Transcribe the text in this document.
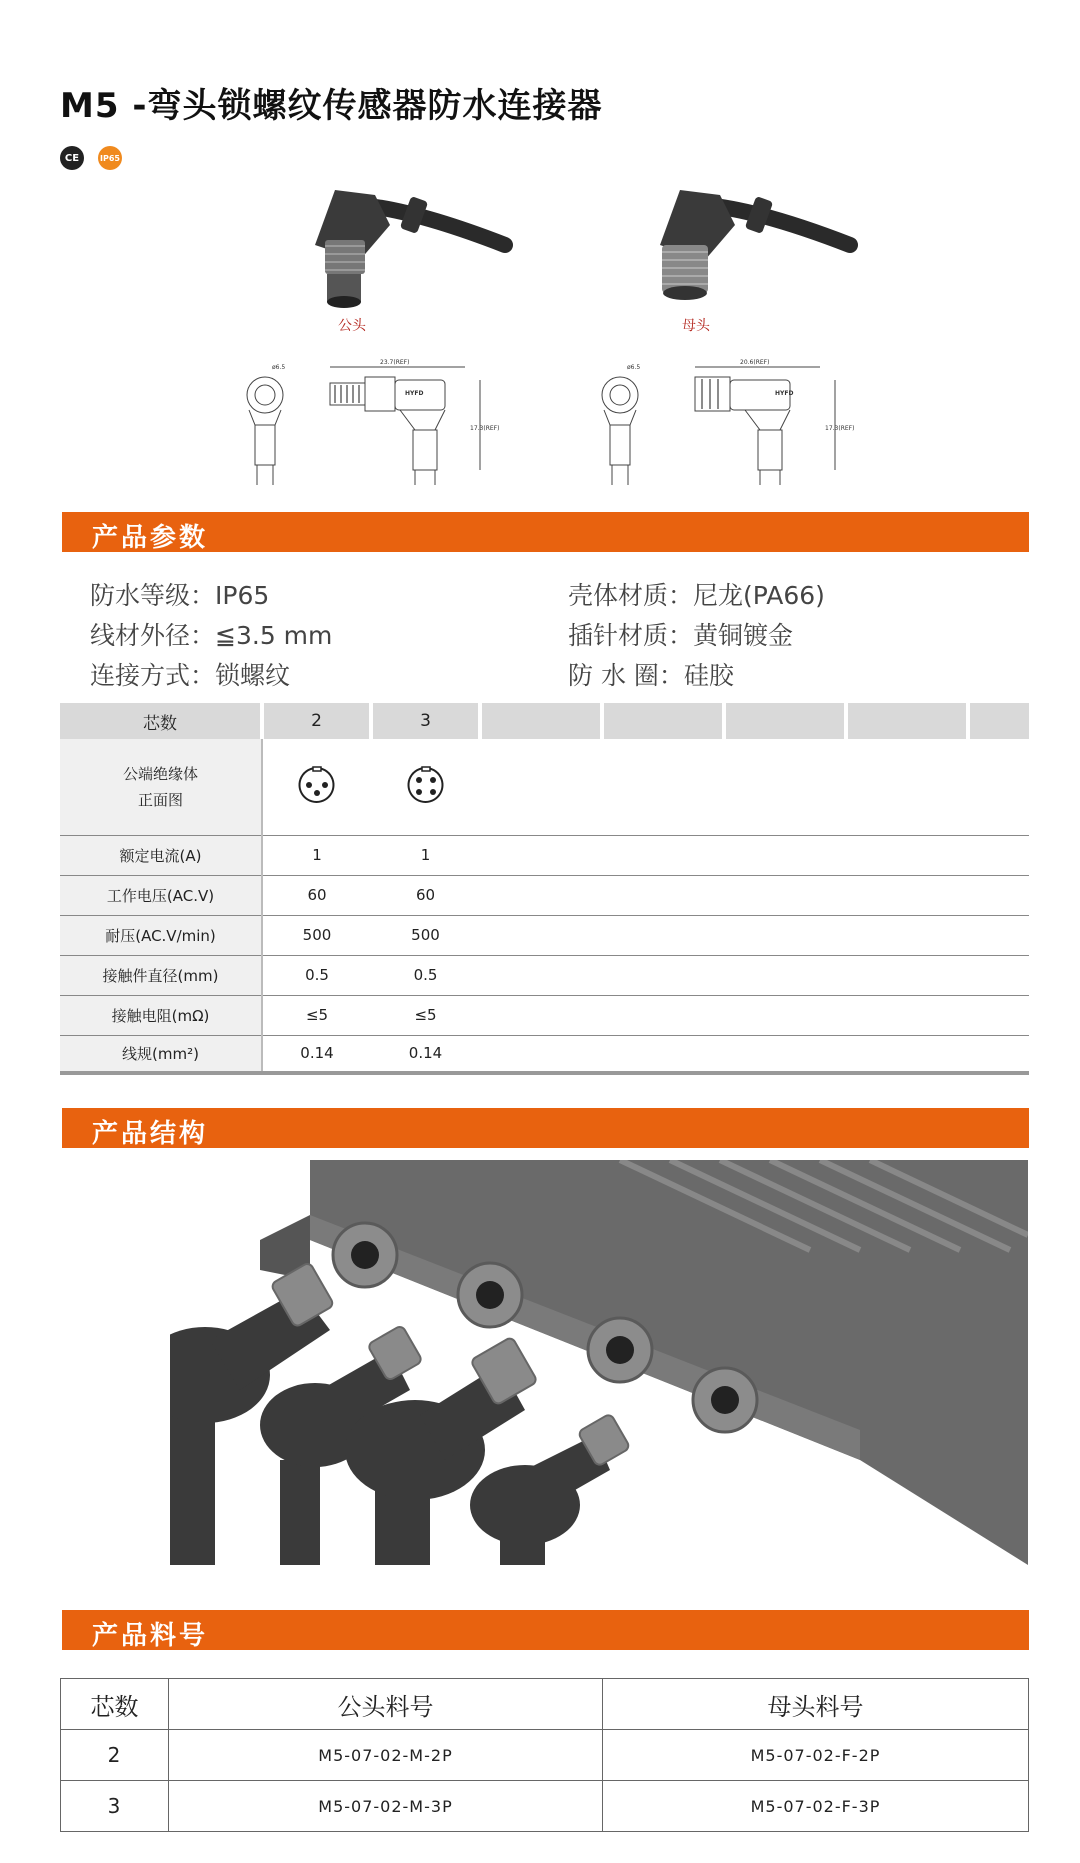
M5 -弯头锁螺纹传感器防水连接器
CE	IP65
公头	母头
ø6.5
23.7(REF)
17.3(REF)
HYFD
ø6.5
20.6(REF)
17.3(REF)
HYFD
产品参数
防水等级：IP65	壳体材质：尼龙(PA66)
线材外径：≦3.5 mm	插针材质：黄铜镀金
连接方式：锁螺纹	防 水 圈：硅胶
芯数	2	3					

公端绝缘体
正面图

额定电流(A)	1	1					
工作电压(AC.V)	60	60					
耐压(AC.V/min)	500	500					
接触件直径(mm)	0.5	0.5					
接触电阻(mΩ)	≤5	≤5					
线规(mm²)	0.14	0.14					
产品结构
产品料号
芯数	公头料号	母头料号
2	M5-07-02-M-2P	M5-07-02-F-2P
3	M5-07-02-M-3P	M5-07-02-F-3P
